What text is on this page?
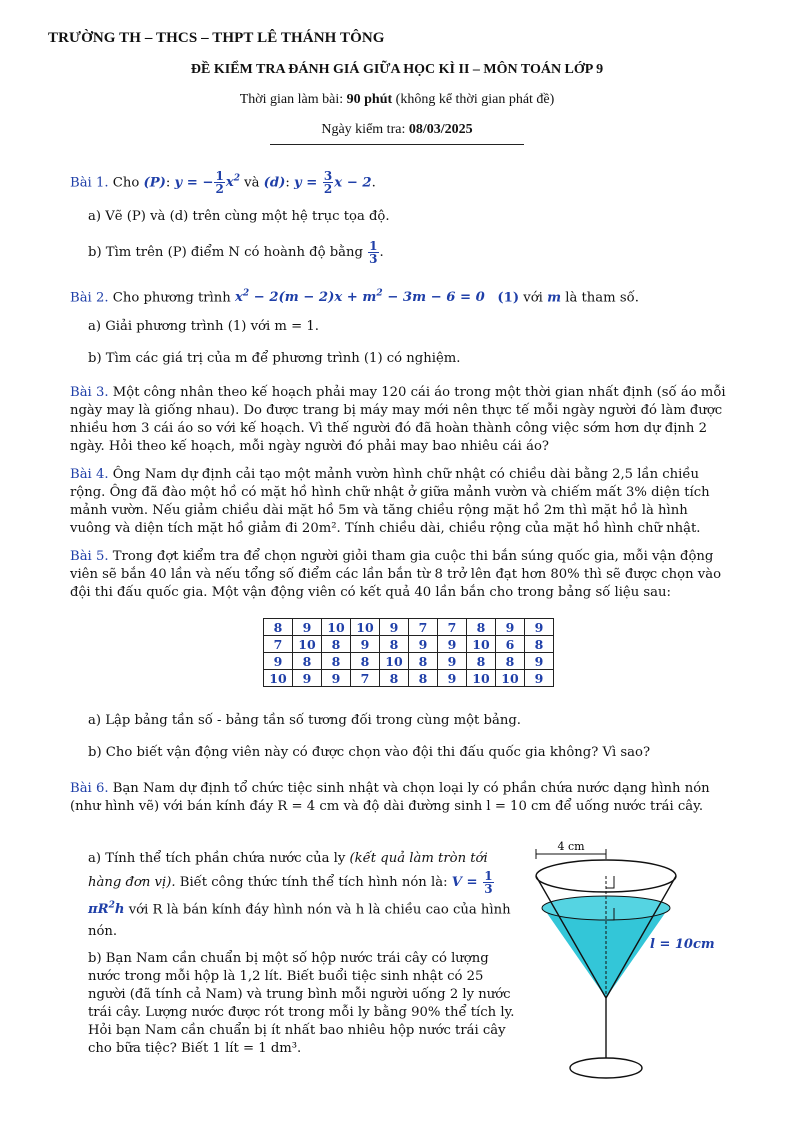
TRƯỜNG TH – THCS – THPT LÊ THÁNH TÔNG
ĐỀ KIỂM TRA ĐÁNH GIÁ GIỮA HỌC KÌ II – MÔN TOÁN LỚP 9
Thời gian làm bài: 90 phút (không kể thời gian phát đề)
Ngày kiểm tra: 08/03/2025
Bài 1. Cho (P): y = − $\frac{1}{2} x^2$ và (d): $y = \frac{3}{2}$ x − 2.
a) Vẽ (P) và (d) trên cùng một hệ trục tọa độ.
b) Tìm trên (P) điểm N có hoành độ bằng $\frac{1}{3}$ .
Bài 2. Cho phương trình $x^2 - 2(m - 2)x + m^2 - 3m - 6 = 0$ (1) với m là tham số.
a) Giải phương trình (1) với m = 1.
b) Tìm các giá trị của m để phương trình (1) có nghiệm.
Bài 3. Một công nhân theo kế hoạch phải may 120 cái áo trong một thời gian nhất định (số áo mỗi ngày may là giống nhau). Do được trang bị máy may mới nên thực tế mỗi ngày người đó làm được nhiều hơn 3 cái áo so với kế hoạch. Vì thế người đó đã hoàn thành công việc sớm hơn dự định 2 ngày. Hỏi theo kế hoạch, mỗi ngày người đó phải may bao nhiêu cái áo?
Bài 4. Ông Nam dự định cải tạo một mảnh vườn hình chữ nhật có chiều dài bằng 2,5 lần chiều rộng. Ông đã đào một hồ có mặt hồ hình chữ nhật ở giữa mảnh vườn và chiếm mất 3% diện tích mảnh vườn. Nếu giảm chiều dài mặt hồ 5m và tăng chiều rộng mặt hồ 2m thì mặt hồ là hình vuông và diện tích mặt hồ giảm đi 20m². Tính chiều dài, chiều rộng của mặt hồ hình chữ nhật.
Bài 5. Trong đợt kiểm tra để chọn người giỏi tham gia cuộc thi bắn súng quốc gia, mỗi vận động viên sẽ bắn 40 lần và nếu tổng số điểm các lần bắn từ 8 trở lên đạt hơn 80% thì sẽ được chọn vào đội thi đấu quốc gia. Một vận động viên có kết quả 40 lần bắn cho trong bảng số liệu sau:
8	9	10	10	9	7	7	8	9	9
7	10	8	9	8	9	9	10	6	8
9	8	8	8	10	8	9	8	8	9
10	9	9	7	8	8	9	10	10	9
a) Lập bảng tần số - bảng tần số tương đối trong cùng một bảng.
b) Cho biết vận động viên này có được chọn vào đội thi đấu quốc gia không? Vì sao?
Bài 6. Bạn Nam dự định tổ chức tiệc sinh nhật và chọn loại ly có phần chứa nước dạng hình nón (như hình vẽ) với bán kính đáy R = 4 cm và độ dài đường sinh l = 10 cm để uống nước trái cây.
a) Tính thể tích phần chứa nước của ly (kết quả làm tròn tới hàng đơn vị). Biết công thức tính thể tích hình nón là: $V = \frac{1}{3}$
$\pi R^2h$ với R là bán kính đáy hình nón và h là chiều cao của hình nón.
b) Bạn Nam cần chuẩn bị một số hộp nước trái cây có lượng nước trong mỗi hộp là 1,2 lít. Biết buổi tiệc sinh nhật có 25 người (đã tính cả Nam) và trung bình mỗi người uống 2 ly nước trái cây. Lượng nước được rót trong mỗi ly bằng 90% thể tích ly. Hỏi bạn Nam cần chuẩn bị ít nhất bao nhiêu hộp nước trái cây cho bữa tiệc? Biết 1 lít = 1 dm³.
4 cm
l = 10cm
